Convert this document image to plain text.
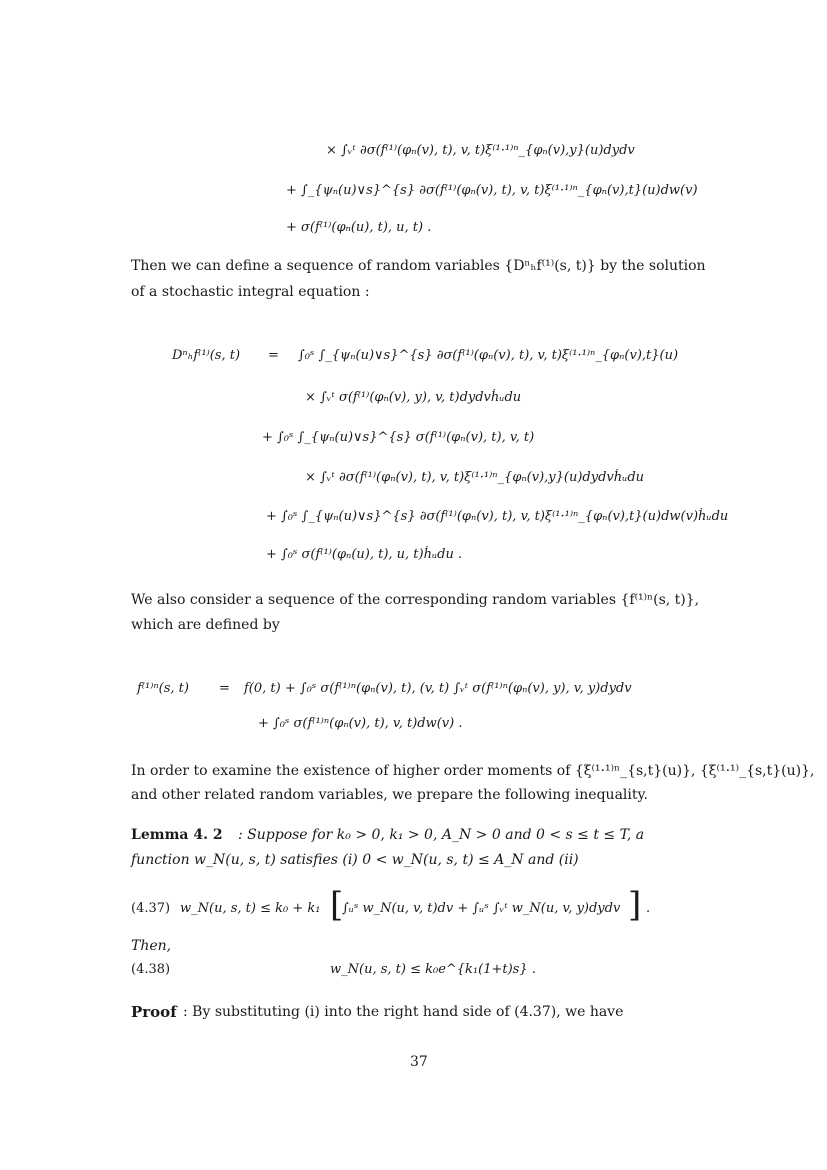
× ∫ᵥᵗ ∂σ(f⁽¹⁾(φₙ(v), t), v, t)ξ⁽¹·¹⁾ⁿ_{φₙ(v),y}(u)dydv
+ ∫_{ψₙ(u)∨s}^{s} ∂σ(f⁽¹⁾(φₙ(v), t), v, t)ξ⁽¹·¹⁾ⁿ_{φₙ(v),t}(u)dw(v)
+ σ(f⁽¹⁾(φₙ(u), t), u, t) .
Then we can define a sequence of random variables {Dⁿₕf⁽¹⁾(s, t)} by the solution
of a stochastic integral equation :
Dⁿₕf⁽¹⁾(s, t) = ∫₀ˢ ∫_{ψₙ(u)∨s}^{s} ∂σ(f⁽¹⁾(φₙ(v), t), v, t)ξ⁽¹·¹⁾ⁿ_{φₙ(v),t}(u)
× ∫ᵥᵗ σ(f⁽¹⁾(φₙ(v), y), v, t)dydvḣᵤdu
+ ∫₀ˢ ∫_{ψₙ(u)∨s}^{s} σ(f⁽¹⁾(φₙ(v), t), v, t)
× ∫ᵥᵗ ∂σ(f⁽¹⁾(φₙ(v), t), v, t)ξ⁽¹·¹⁾ⁿ_{φₙ(v),y}(u)dydvḣᵤdu
+ ∫₀ˢ ∫_{ψₙ(u)∨s}^{s} ∂σ(f⁽¹⁾(φₙ(v), t), v, t)ξ⁽¹·¹⁾ⁿ_{φₙ(v),t}(u)dw(v)ḣᵤdu
+ ∫₀ˢ σ(f⁽¹⁾(φₙ(u), t), u, t)ḣᵤdu .
We also consider a sequence of the corresponding random variables {f⁽¹⁾ⁿ(s, t)},
which are defined by
f⁽¹⁾ⁿ(s, t) = f(0, t) + ∫₀ˢ σ(f⁽¹⁾ⁿ(φₙ(v), t), (v, t) ∫ᵥᵗ σ(f⁽¹⁾ⁿ(φₙ(v), y), v, y)dydv
+ ∫₀ˢ σ(f⁽¹⁾ⁿ(φₙ(v), t), v, t)dw(v) .
In order to examine the existence of higher order moments of {ξ⁽¹·¹⁾ⁿ_{s,t}(u)}, {ξ⁽¹·¹⁾_{s,t}(u)},
and other related random variables, we prepare the following inequality.
Lemma 4. 2 : Suppose for k₀ > 0, k₁ > 0, A_N > 0 and 0 < s ≤ t ≤ T, a
function w_N(u, s, t) satisfies (i) 0 < w_N(u, s, t) ≤ A_N and (ii)
(4.37) w_N(u, s, t) ≤ k₀ + k₁ [
∫ᵤˢ w_N(u, v, t)dv + ∫ᵤˢ ∫ᵥᵗ w_N(u, v, y)dydv ] .
Then,
(4.38)	w_N(u, s, t) ≤ k₀e^{k₁(1+t)s} .
Proof : By substituting (i) into the right hand side of (4.37), we have
37
